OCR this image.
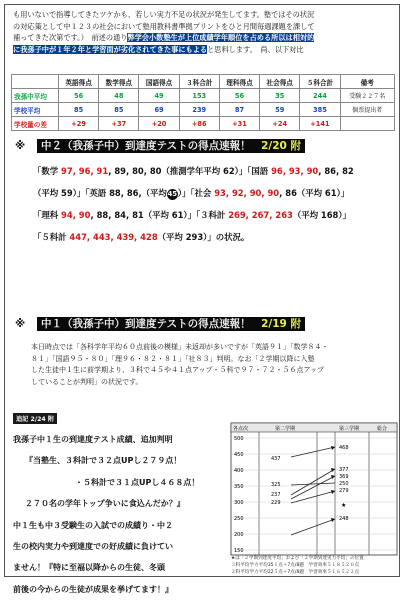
も用いないで指導してきたツケかも、若しい実力不足の状況が発生してます。塾ではその状況
の対応策として中１２３の社会において塾用教科書準拠プリントをひと月間毎週課題を課して
補ってきた次第です。）　前述の通り弊学会小数塾生が上位成績学年順位を占める所以は相対的
に我孫子中が１年２年と学習面が劣化されてきた事にもよると思料します。　尚、以下対比
	英語得点	数学得点	国語得点	３科合計	理科得点	社会得点	５科合計	備考
我孫中平均	56	48	49	153	56	35	244	受験２２７名
学校平均	85	85	69	239	87	59	385	個票提出者
学校量の差	+29	+37	+20	+86	+31	+24	+141	
※ 中２（我孫子中）到達度テストの得点速報！　 2/20 附
「数学 97, 96, 91, 89, 80, 80（推測学年平均 62）」「国語 96, 93, 90, 86, 82
（平均 59）」「英語 88, 86,（平均45）」「社会 93, 92, 90, 90, 86（平均 61）」
「理科 94, 90, 88, 84, 81（平均 61）」「３科計 269, 267, 263（平均 168）」
「５科計 447, 443, 439, 428（平均 293）」の状況。
※ 中１（我孫子中）到達度テストの得点速報！　 2/19 附
本日時点では「各科学年平均６０点前後の模様」未返却が多いですが「英語９１」「数学８４・
８１」「国語９５・８０」「理９６・８２・８１」「社８３」判明。なお「２学期以降に入塾
した生徒中１生に前学期より、３科で４５や４１点アップ・５科で９７・７２・５６点アップ
していることが判明」の状況です。
追記 2/24 附
我孫子中１生の到達度テスト成績、追加判明
『当塾生、３科計で３２点UPし２７９点！
・５科計で３１点UPし４６８点！
２７０名の学年トップ争いに食込んだか？』
中１生も中３受験生の入試での成績り・中２
生の校内実力や到達度での好成績に負けてい
ません！『特に至福以降からの生徒、冬頭
前後の今からの生徒が成果を挙げてます！』
各点次	第二学期	第三学期	総合
500
450
400
350
300
250
200
150
437
468
377
369
325	250
237
229
279
248
★
★は「２学期到達度平均」および「２学期到達実力平均」の位置
３科平均学力平均35１点＋7点/8題　学習効率５１８５２０点
２科平均学力平均22５点＋7点/8題　学習効率５１６５２２点
